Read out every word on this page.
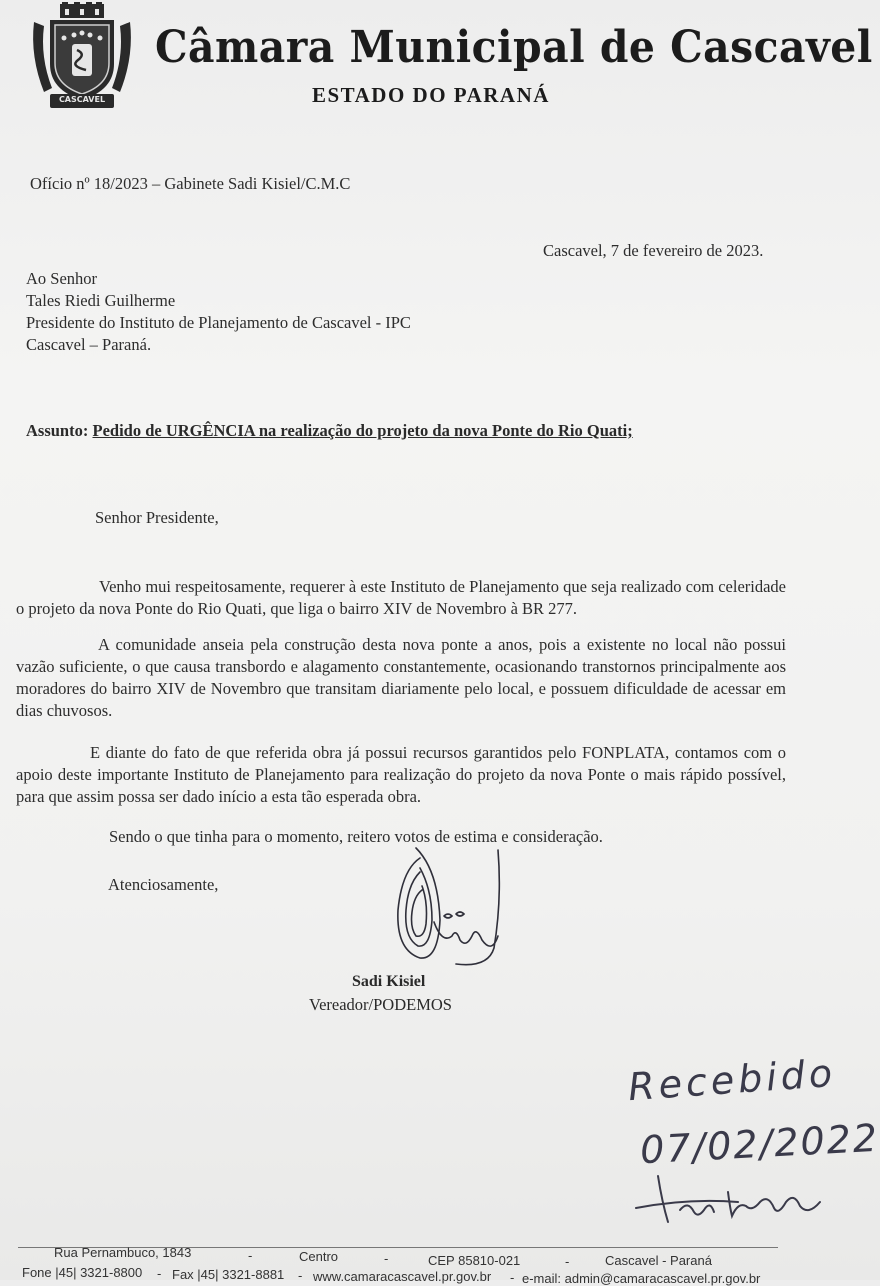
CASCAVEL
Câmara Municipal de Cascavel
ESTADO DO PARANÁ
Ofício nº 18/2023 – Gabinete Sadi Kisiel/C.M.C
Cascavel, 7 de fevereiro de 2023.
Ao Senhor
Tales Riedi Guilherme
Presidente do Instituto de Planejamento de Cascavel - IPC
Cascavel – Paraná.
Assunto: Pedido de URGÊNCIA na realização do projeto da nova Ponte do Rio Quati;
Senhor Presidente,

Venho mui respeitosamente, requerer à este Instituto de Planejamento que seja realizado com celeridade o projeto da nova Ponte do Rio Quati, que liga o bairro XIV de Novembro à BR 277.

A comunidade anseia pela construção desta nova ponte a anos, pois a existente no local não possui vazão suficiente, o que causa transbordo e alagamento constantemente, ocasionando transtornos principalmente aos moradores do bairro XIV de Novembro que transitam diariamente pelo local, e possuem dificuldade de acessar em dias chuvosos.

E diante do fato de que referida obra já possui recursos garantidos pelo FONPLATA, contamos com o apoio deste importante Instituto de Planejamento para realização do projeto da nova Ponte o mais rápido possível, para que assim possa ser dado início a esta tão esperada obra.

Sendo o que tinha para o momento, reitero votos de estima e consideração.
Atenciosamente,
Sadi Kisiel
Vereador/PODEMOS
Recebido
07/02/2022
Rua Pernambuco, 1843	-	Centro	-	CEP 85810-021	-	Cascavel - Paraná
Fone |45| 3321-8800 - Fax |45| 3321-8881 - www.camaracascavel.pr.gov.br - e-mail: admin@camaracascavel.pr.gov.br
